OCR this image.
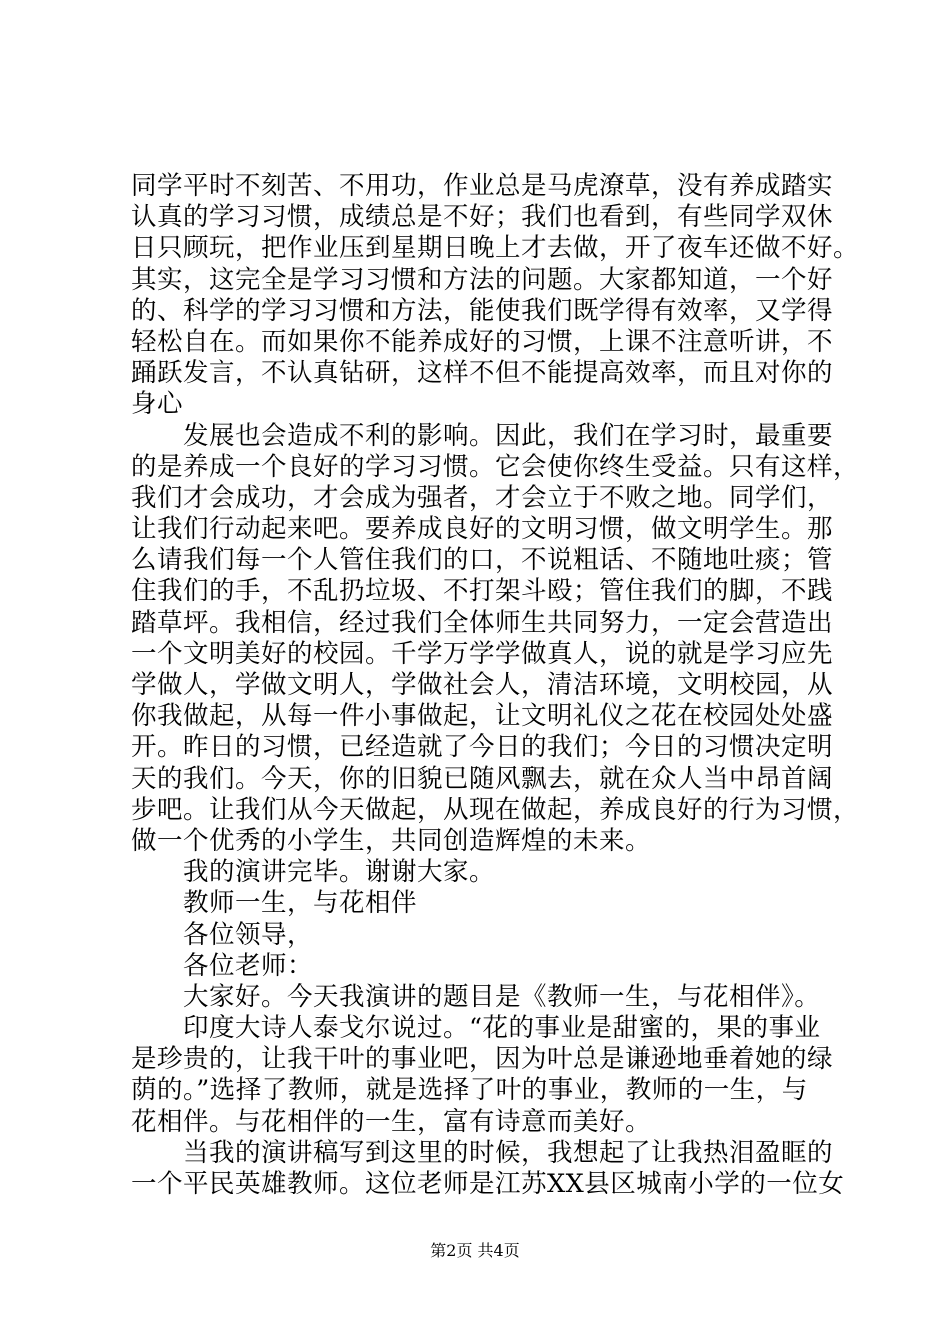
同学平时不刻苦、不用功，作业总是马虎潦草，没有养成踏实
认真的学习习惯，成绩总是不好；我们也看到，有些同学双休
日只顾玩，把作业压到星期日晚上才去做，开了夜车还做不好。
其实，这完全是学习习惯和方法的问题。大家都知道，一个好
的、科学的学习习惯和方法，能使我们既学得有效率，又学得
轻松自在。而如果你不能养成好的习惯，上课不注意听讲，不
踊跃发言，不认真钻研，这样不但不能提高效率，而且对你的
身心
发展也会造成不利的影响。因此，我们在学习时，最重要
的是养成一个良好的学习习惯。它会使你终生受益。只有这样，
我们才会成功，才会成为强者，才会立于不败之地。同学们，
让我们行动起来吧。要养成良好的文明习惯，做文明学生。那
么请我们每一个人管住我们的口，不说粗话、不随地吐痰；管
住我们的手，不乱扔垃圾、不打架斗殴；管住我们的脚，不践
踏草坪。我相信，经过我们全体师生共同努力，一定会营造出
一个文明美好的校园。千学万学学做真人，说的就是学习应先
学做人，学做文明人，学做社会人，清洁环境，文明校园，从
你我做起，从每一件小事做起，让文明礼仪之花在校园处处盛
开。昨日的习惯，已经造就了今日的我们；今日的习惯决定明
天的我们。今天，你的旧貌已随风飘去，就在众人当中昂首阔
步吧。让我们从今天做起，从现在做起，养成良好的行为习惯，
做一个优秀的小学生，共同创造辉煌的未来。
我的演讲完毕。谢谢大家。
教师一生，与花相伴
各位领导，
各位老师：
大家好。今天我演讲的题目是《教师一生，与花相伴》。
印度大诗人泰戈尔说过。“花的事业是甜蜜的，果的事业
是珍贵的，让我干叶的事业吧，因为叶总是谦逊地垂着她的绿
荫的。”选择了教师，就是选择了叶的事业，教师的一生，与
花相伴。与花相伴的一生，富有诗意而美好。
当我的演讲稿写到这里的时候，我想起了让我热泪盈眶的
一个平民英雄教师。这位老师是江苏XX县区城南小学的一位女
第2页 共4页
